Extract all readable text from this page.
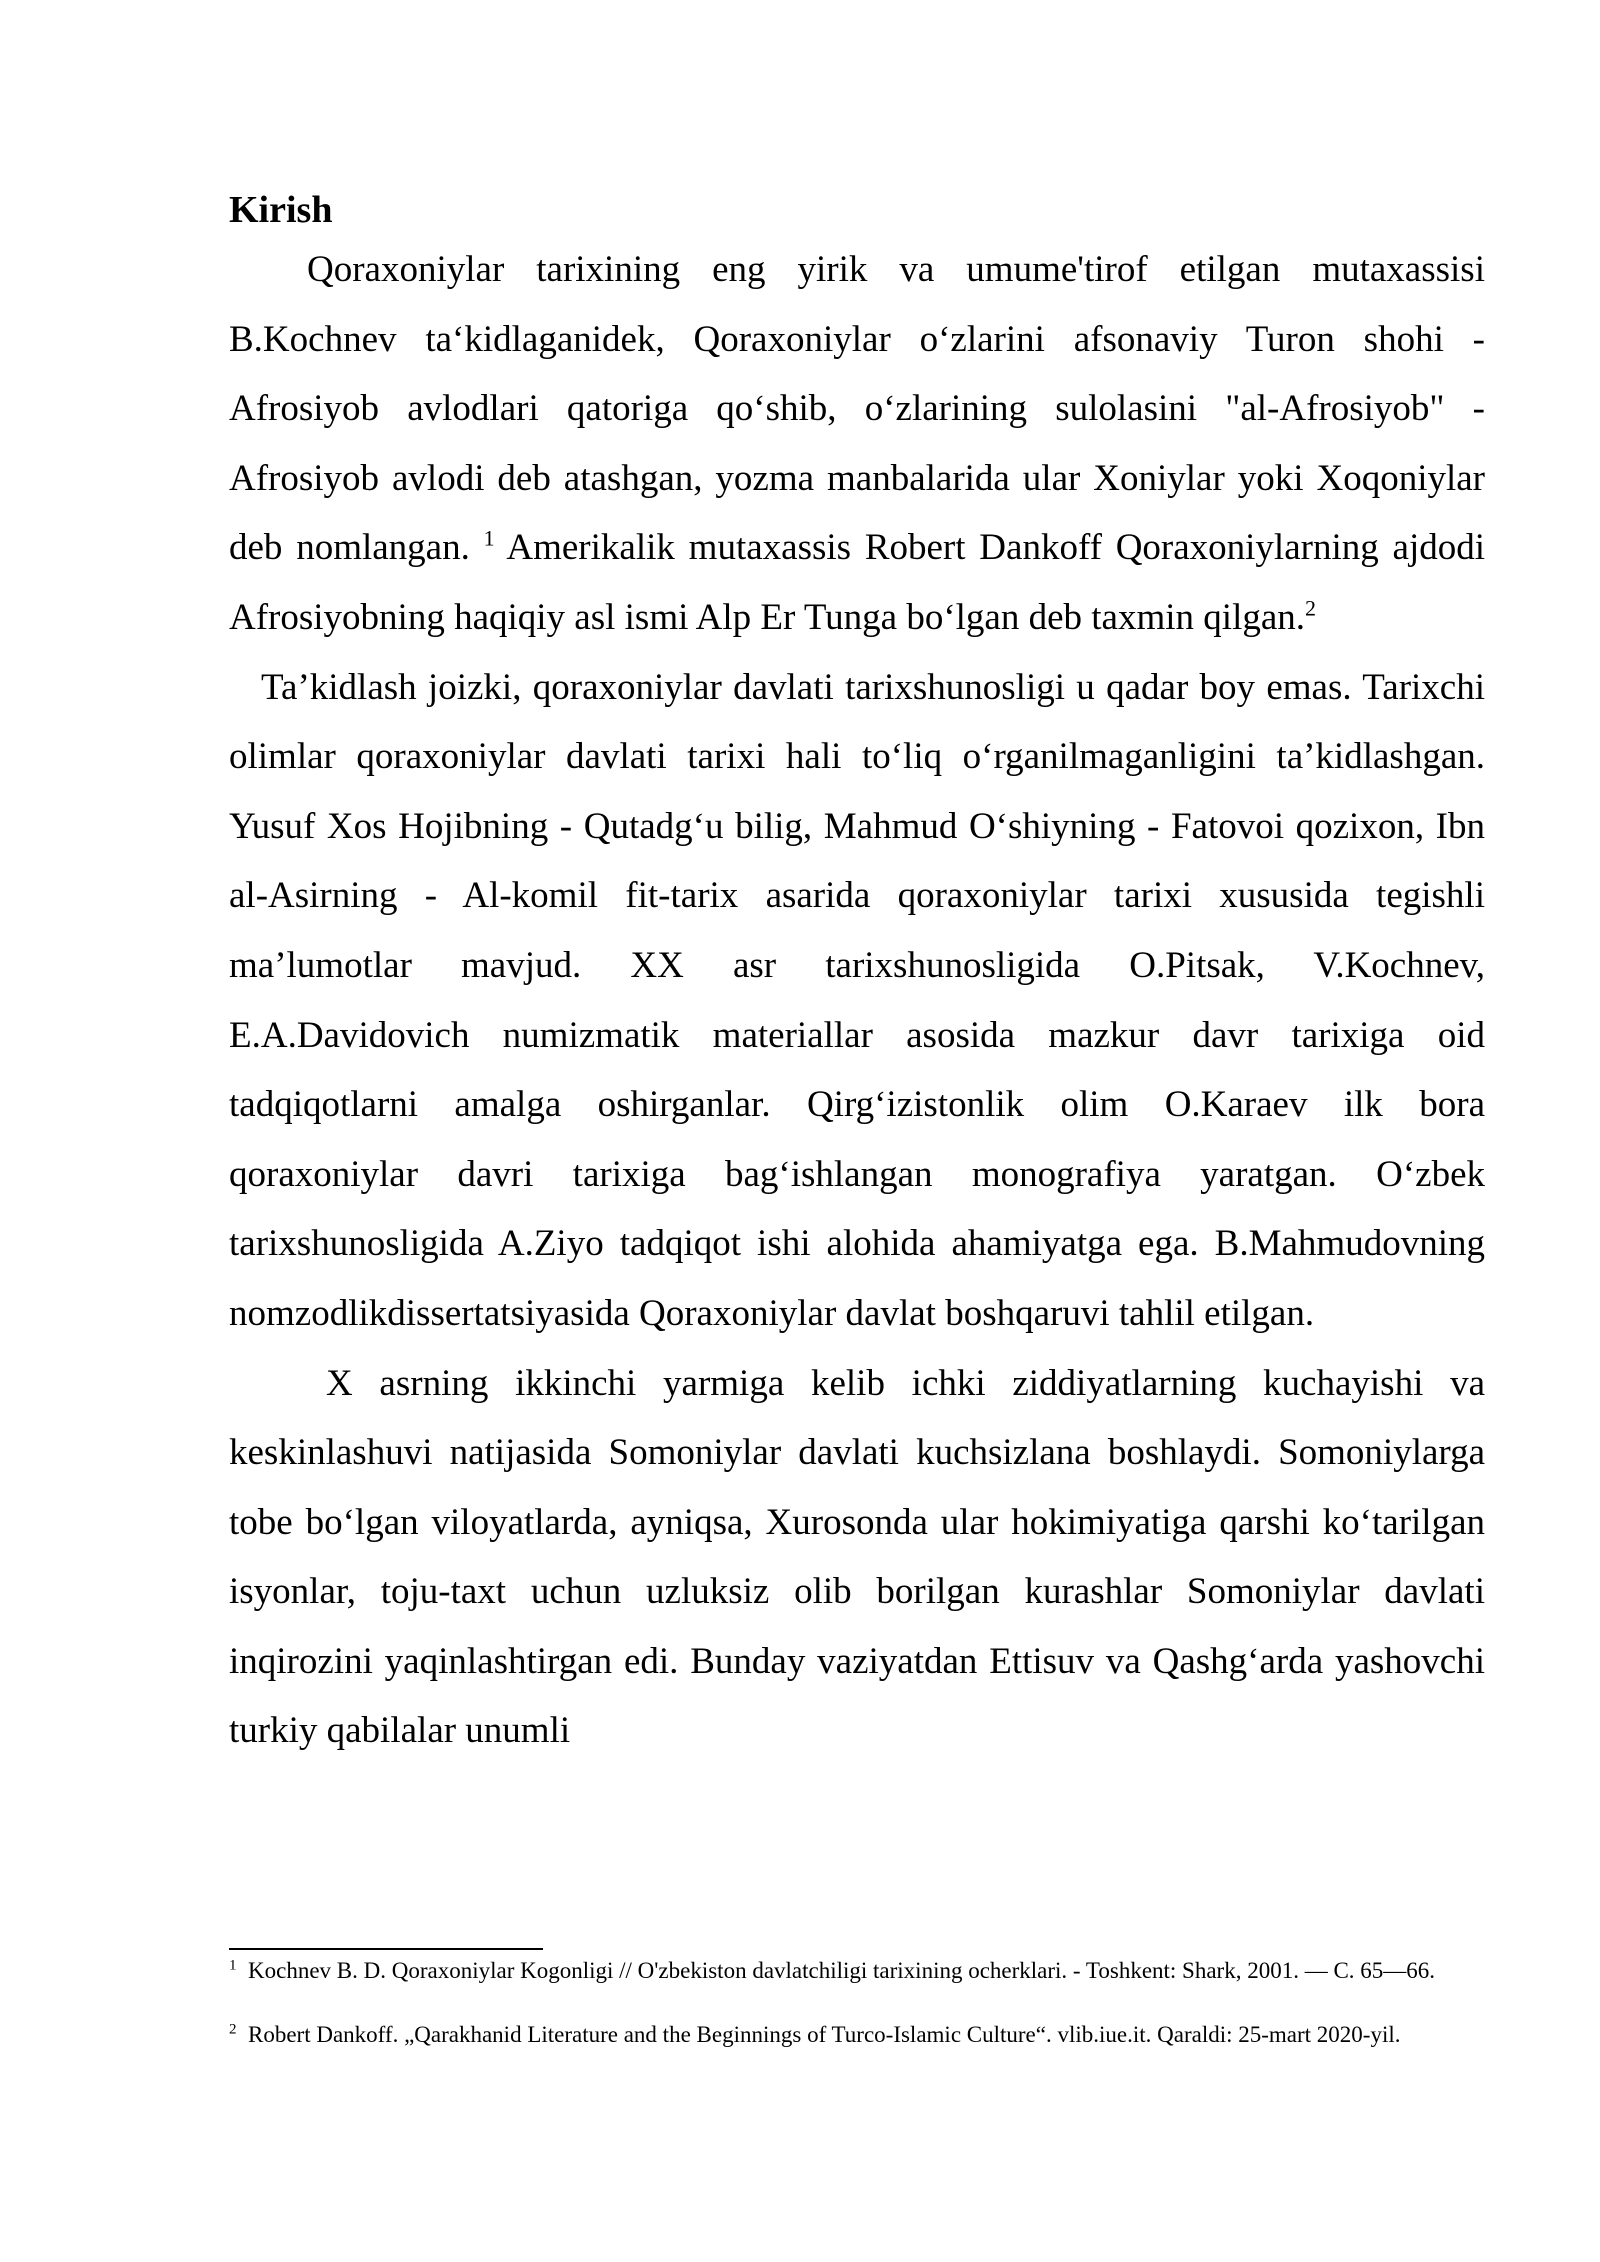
Kirish

Qoraxoniylar tarixining eng yirik va umume'tirof etilgan mutaxassisi B.Kochnev ta‘kidlaganidek, Qoraxoniylar o‘zlarini afsonaviy Turon shohi - Afrosiyob avlodlari qatoriga qo‘shib, o‘zlarining sulolasini "al-Afrosiyob" - Afrosiyob avlodi deb atashgan, yozma manbalarida ular Xoniylar yoki Xoqoniylar deb nomlangan. $^1$ Amerikalik mutaxassis Robert Dankoff Qoraxoniylarning ajdodi Afrosiyobning haqiqiy asl ismi Alp Er Tunga bo‘lgan deb taxmin qilgan.$^2$

Ta’kidlash joizki, qoraxoniylar davlati tarixshunosligi u qadar boy emas. Tarixchi olimlar qoraxoniylar davlati tarixi hali to‘liq o‘rganilmaganligini ta’kidlashgan. Yusuf Xos Hojibning - Qutadg‘u bilig, Mahmud O‘shiyning - Fatovoi qozixon, Ibn al-Asirning - Al-komil fit-tarix asarida qoraxoniylar tarixi xususida tegishli ma’lumotlar mavjud. XX asr tarixshunosligida O.Pitsak, V.Kochnev, E.A.Davidovich numizmatik materiallar asosida mazkur davr tarixiga oid tadqiqotlarni amalga oshirganlar. Qirg‘izistonlik olim O.Karaev ilk bora qoraxoniylar davri tarixiga bag‘ishlangan monografiya yaratgan. O‘zbek tarixshunosligida A.Ziyo tadqiqot ishi alohida ahamiyatga ega. B.Mahmudovning nomzodlikdissertatsiyasida Qoraxoniylar davlat boshqaruvi tahlil etilgan.

X asrning ikkinchi yarmiga kelib ichki ziddiyatlarning kuchayishi va keskinlashuvi natijasida Somoniylar davlati kuchsizlana boshlaydi. Somoniylarga tobe bo‘lgan viloyatlarda, ayniqsa, Xurosonda ular hokimiyatiga qarshi ko‘tarilgan isyonlar, toju-taxt uchun uzluksiz olib borilgan kurashlar Somoniylar davlati inqirozini yaqinlashtirgan edi. Bunday vaziyatdan Ettisuv va Qashg‘arda yashovchi turkiy qabilalar unumli

$^1$ Kochnev B. D. Qoraxoniylar Kogonligi // O'zbekiston davlatchiligi tarixining ocherklari. - Toshkent: Shark, 2001. — C. 65—66.

$^2$ Robert Dankoff. „Qarakhanid Literature and the Beginnings of Turco-Islamic Culture“. vlib.iue.it. Qaraldi: 25-mart 2020-yil.
